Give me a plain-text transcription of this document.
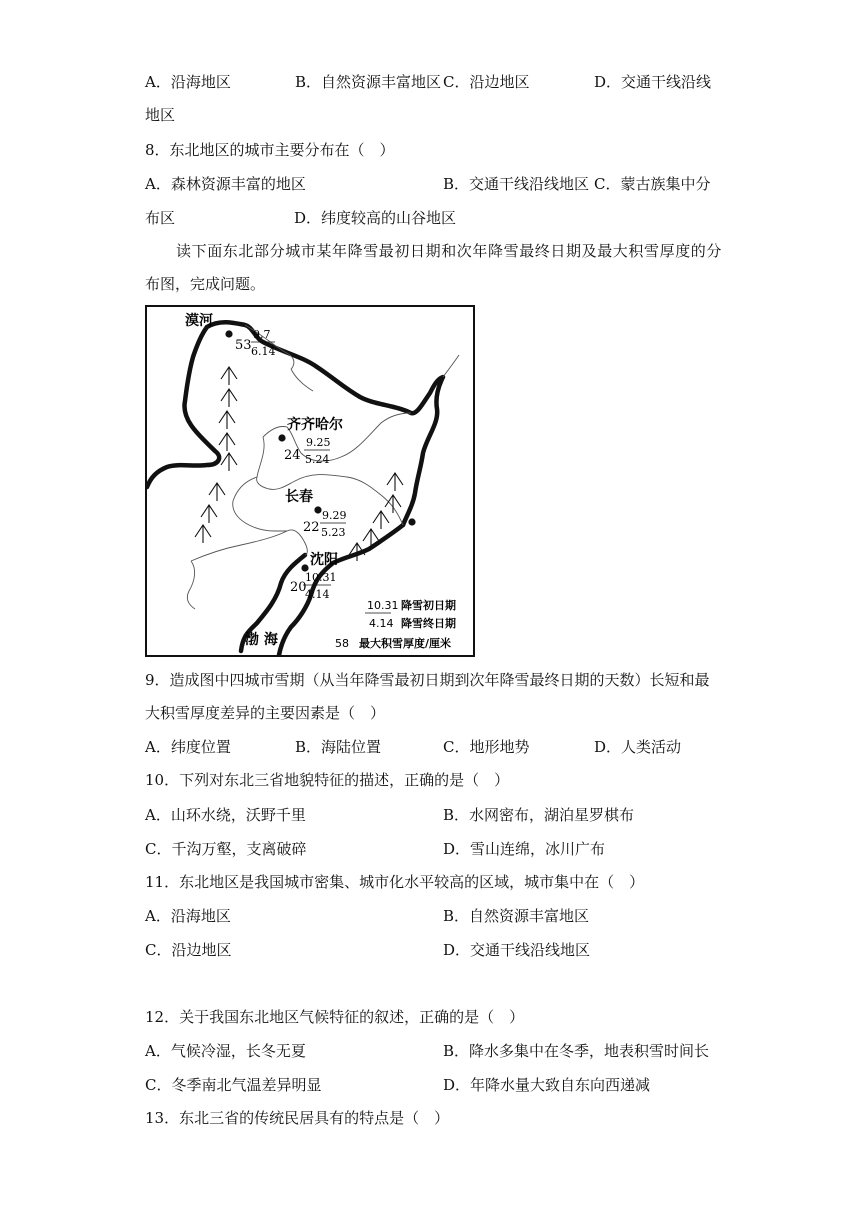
A．沿海地区	B．自然资源丰富地区 C．沿边地区	D．交通干线沿线
地区
8．东北地区的城市主要分布在（　）
A．森林资源丰富的地区	B．交通干线沿线地区 C．蒙古族集中分
布区	D．纬度较高的山谷地区
读下面东北部分城市某年降雪最初日期和次年降雪最终日期及最大积雪厚度的分
布图，完成问题。
漠河
齐齐哈尔
长春
沈阳
53
24
22
20
9.7
6.14
9.25
5.24
9.29
5.23
10.31
4.14
渤 海
10.31 降雪初日期
4.14 降雪终日期
58 最大积雪厚度/厘米
9．造成图中四城市雪期（从当年降雪最初日期到次年降雪最终日期的天数）长短和最
大积雪厚度差异的主要因素是（　）
A．纬度位置	B．海陆位置	C．地形地势	D．人类活动
10．下列对东北三省地貌特征的描述，正确的是（　）
A．山环水绕，沃野千里	B．水网密布，湖泊星罗棋布
C．千沟万壑，支离破碎	D．雪山连绵，冰川广布
11．东北地区是我国城市密集、城市化水平较高的区域，城市集中在（　）
A．沿海地区	B．自然资源丰富地区
C．沿边地区	D．交通干线沿线地区
12．关于我国东北地区气候特征的叙述，正确的是（　）
A．气候冷湿，长冬无夏	B．降水多集中在冬季，地表积雪时间长
C．冬季南北气温差异明显	D．年降水量大致自东向西递减
13．东北三省的传统民居具有的特点是（　）
